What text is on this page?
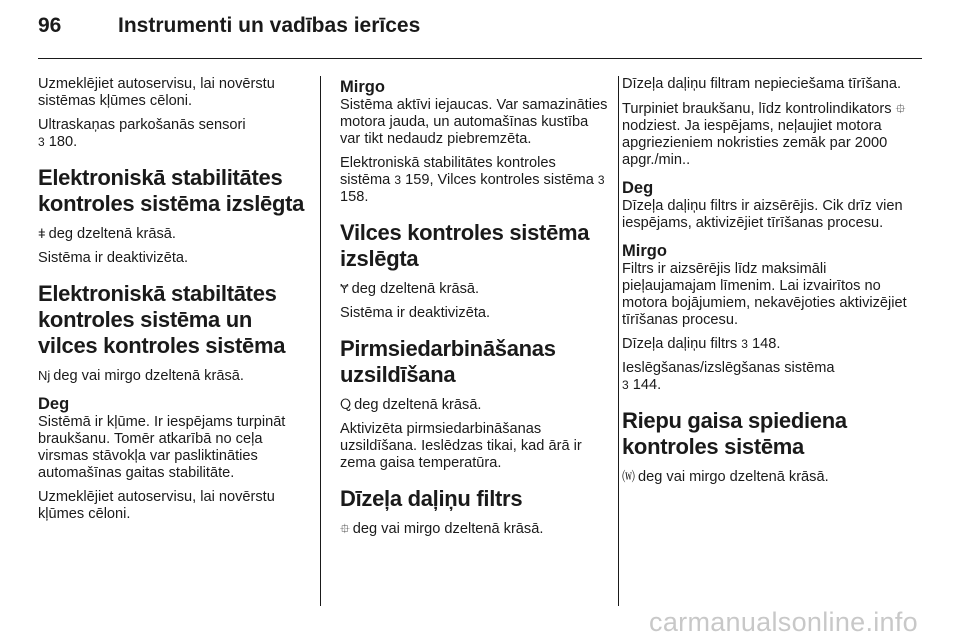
96	Instrumenti un vadības ierīces

Uzmeklējiet autoservisu, lai novērstu sistēmas kļūmes cēloni.

Ultraskaņas parkošanās sensori
3 180.

Elektroniskā stabilitātes kontroles sistēma izslēgta

ǂ deg dzeltenā krāsā.

Sistēma ir deaktivizēta.

Elektroniskā stabiltātes kontroles sistēma un vilces kontroles sistēma

ǋ deg vai mirgo dzeltenā krāsā.

Deg

Sistēmā ir kļūme. Ir iespējams turpināt braukšanu. Tomēr atkarībā no ceļa virsmas stāvokļa var pasliktināties automašīnas gaitas stabilitāte.

Uzmeklējiet autoservisu, lai novērstu kļūmes cēloni.

Mirgo

Sistēma aktīvi iejaucas. Var samazināties motora jauda, un automašīnas kustība var tikt nedaudz piebremzēta.

Elektroniskā stabilitātes kontroles sistēma 3 159, Vilces kontroles sistēma 3 158.

Vilces kontroles sistēma izslēgta

Ɏ deg dzeltenā krāsā.

Sistēma ir deaktivizēta.

Pirmsiedarbināšanas uzsildīšana

Ⴍ deg dzeltenā krāsā.

Aktivizēta pirmsiedarbināšanas uzsildīšana. Ieslēdzas tikai, kad ārā ir zema gaisa temperatūra.

Dīzeļa daļiņu filtrs

⯐ deg vai mirgo dzeltenā krāsā.

Dīzeļa daļiņu filtram nepieciešama tīrīšana.

Turpiniet braukšanu, līdz kontrolindikators ⯐ nodziest. Ja iespējams, neļaujiet motora apgriezieniem nokristies zemāk par 2000 apgr./min..

Deg

Dīzeļa daļiņu filtrs ir aizsērējis. Cik drīz vien iespējams, aktivizējiet tīrīšanas procesu.

Mirgo

Filtrs ir aizsērējis līdz maksimāli pieļaujamajam līmenim. Lai izvairītos no motora bojājumiem, nekavējoties aktivizējiet tīrīšanas procesu.

Dīzeļa daļiņu filtrs 3 148.

Ieslēgšanas/izslēgšanas sistēma
3 144.

Riepu gaisa spiediena kontroles sistēma

⒲ deg vai mirgo dzeltenā krāsā.

carmanualsonline.info
